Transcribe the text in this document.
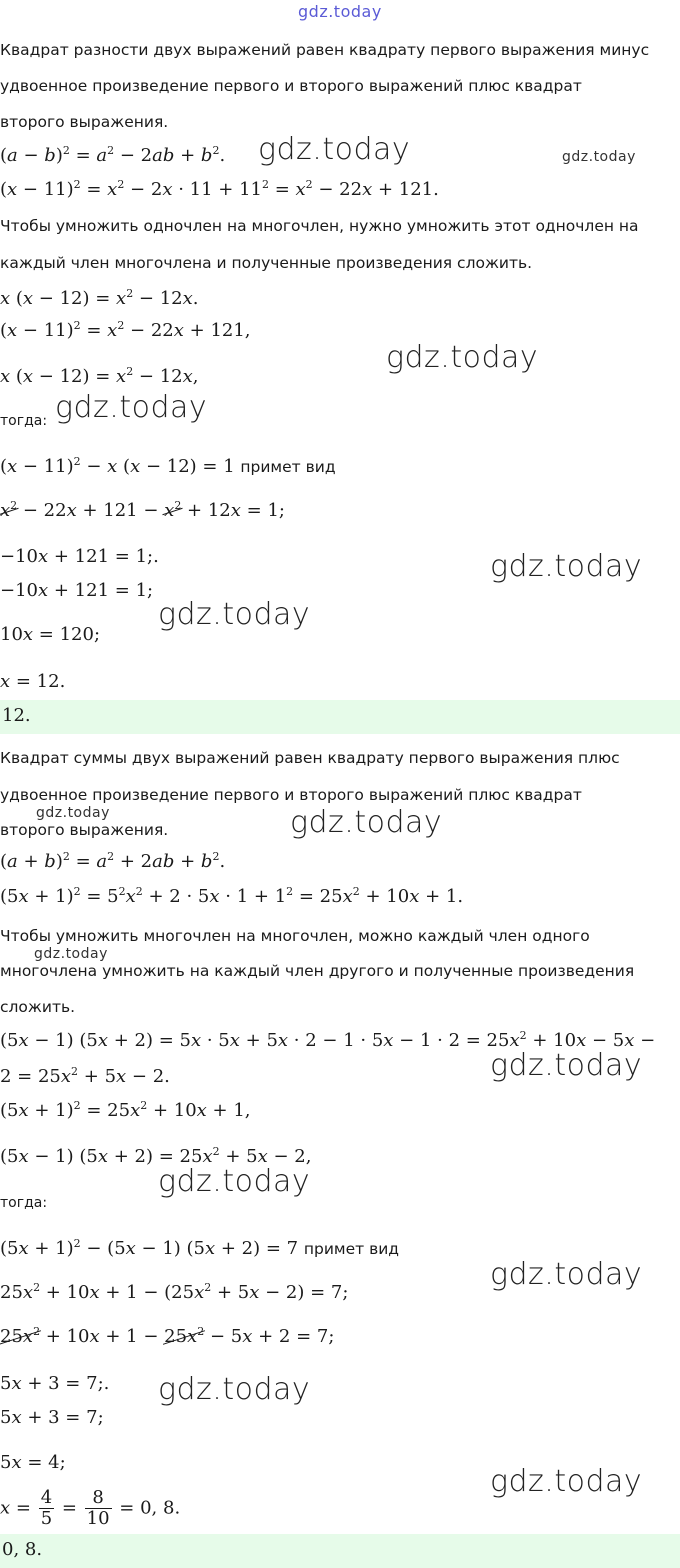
gdz.today
gdz.today	gdz.today
gdz.today
gdz.today
gdz.today
gdz.today
gdz.today	gdz.today
gdz.today
gdz.today
gdz.today
gdz.today
gdz.today
gdz.today
Квадрат разности двух выражений равен квадрату первого выражения минус
удвоенное произведение первого и второго выражений плюс квадрат
второго выражения.
$(a - b)^2 = a^2 - 2ab + b^2$.
$(x - 11)^2 = x^2 - 2x \cdot 11 + 11^2 = x^2 - 22x + 121$.
Чтобы умножить одночлен на многочлен, нужно умножить этот одночлен на
каждый член многочлена и полученные произведения сложить.
x $(x - 12) = x^2 - 12x$.
$(x - 11)^2 = x^2 - 22x + 121$,
x $(x - 12) = x^2 - 12x$,
тогда:
$(x - 11)^2 - x$ (x − 12) = 1 примет вид
$x^2 - 22x + 121 - x^2 + 12x = 1$;
−10x + 121 = 1;.
−10x + 121 = 1;
10x = 120;
x = 12.
12.
Квадрат суммы двух выражений равен квадрату первого выражения плюс
удвоенное произведение первого и второго выражений плюс квадрат
второго выражения.
$(a + b)^2 = a^2 + 2ab + b^2$.
$(5x + 1)^2 = 5^2x^2 + 2 \cdot 5x \cdot 1 + 1^2 = 25x^2 + 10x + 1$.
Чтобы умножить многочлен на многочлен, можно каждый член одного
многочлена умножить на каждый член другого и полученные произведения
сложить.
(5x − 1) $(5x + 2) = 5x \cdot 5x + 5x \cdot 2 - 1 \cdot 5x - 1 \cdot 2 = 25x^2 + 10x - 5x$ −
$2 = 25x^2 + 5x - 2$.
$(5x + 1)^2 = 25x^2 + 10x + 1$,
(5x − 1) $(5x + 2) = 25x^2 + 5x - 2$,
тогда:
$(5x + 1)^2 - (5x - 1)$ (5x + 2) = 7 примет вид
$25x^2 + 10x + 1 - (25x^2 + 5x - 2) = 7$;
$25x^2 + 10x + 1 - 25x^2 - 5x + 2 = 7$;
5x + 3 = 7;.
5x + 3 = 7;
5x = 4;
$x = \frac{4}{5} = \frac{8}{10} = 0$, 8.
0, 8.
